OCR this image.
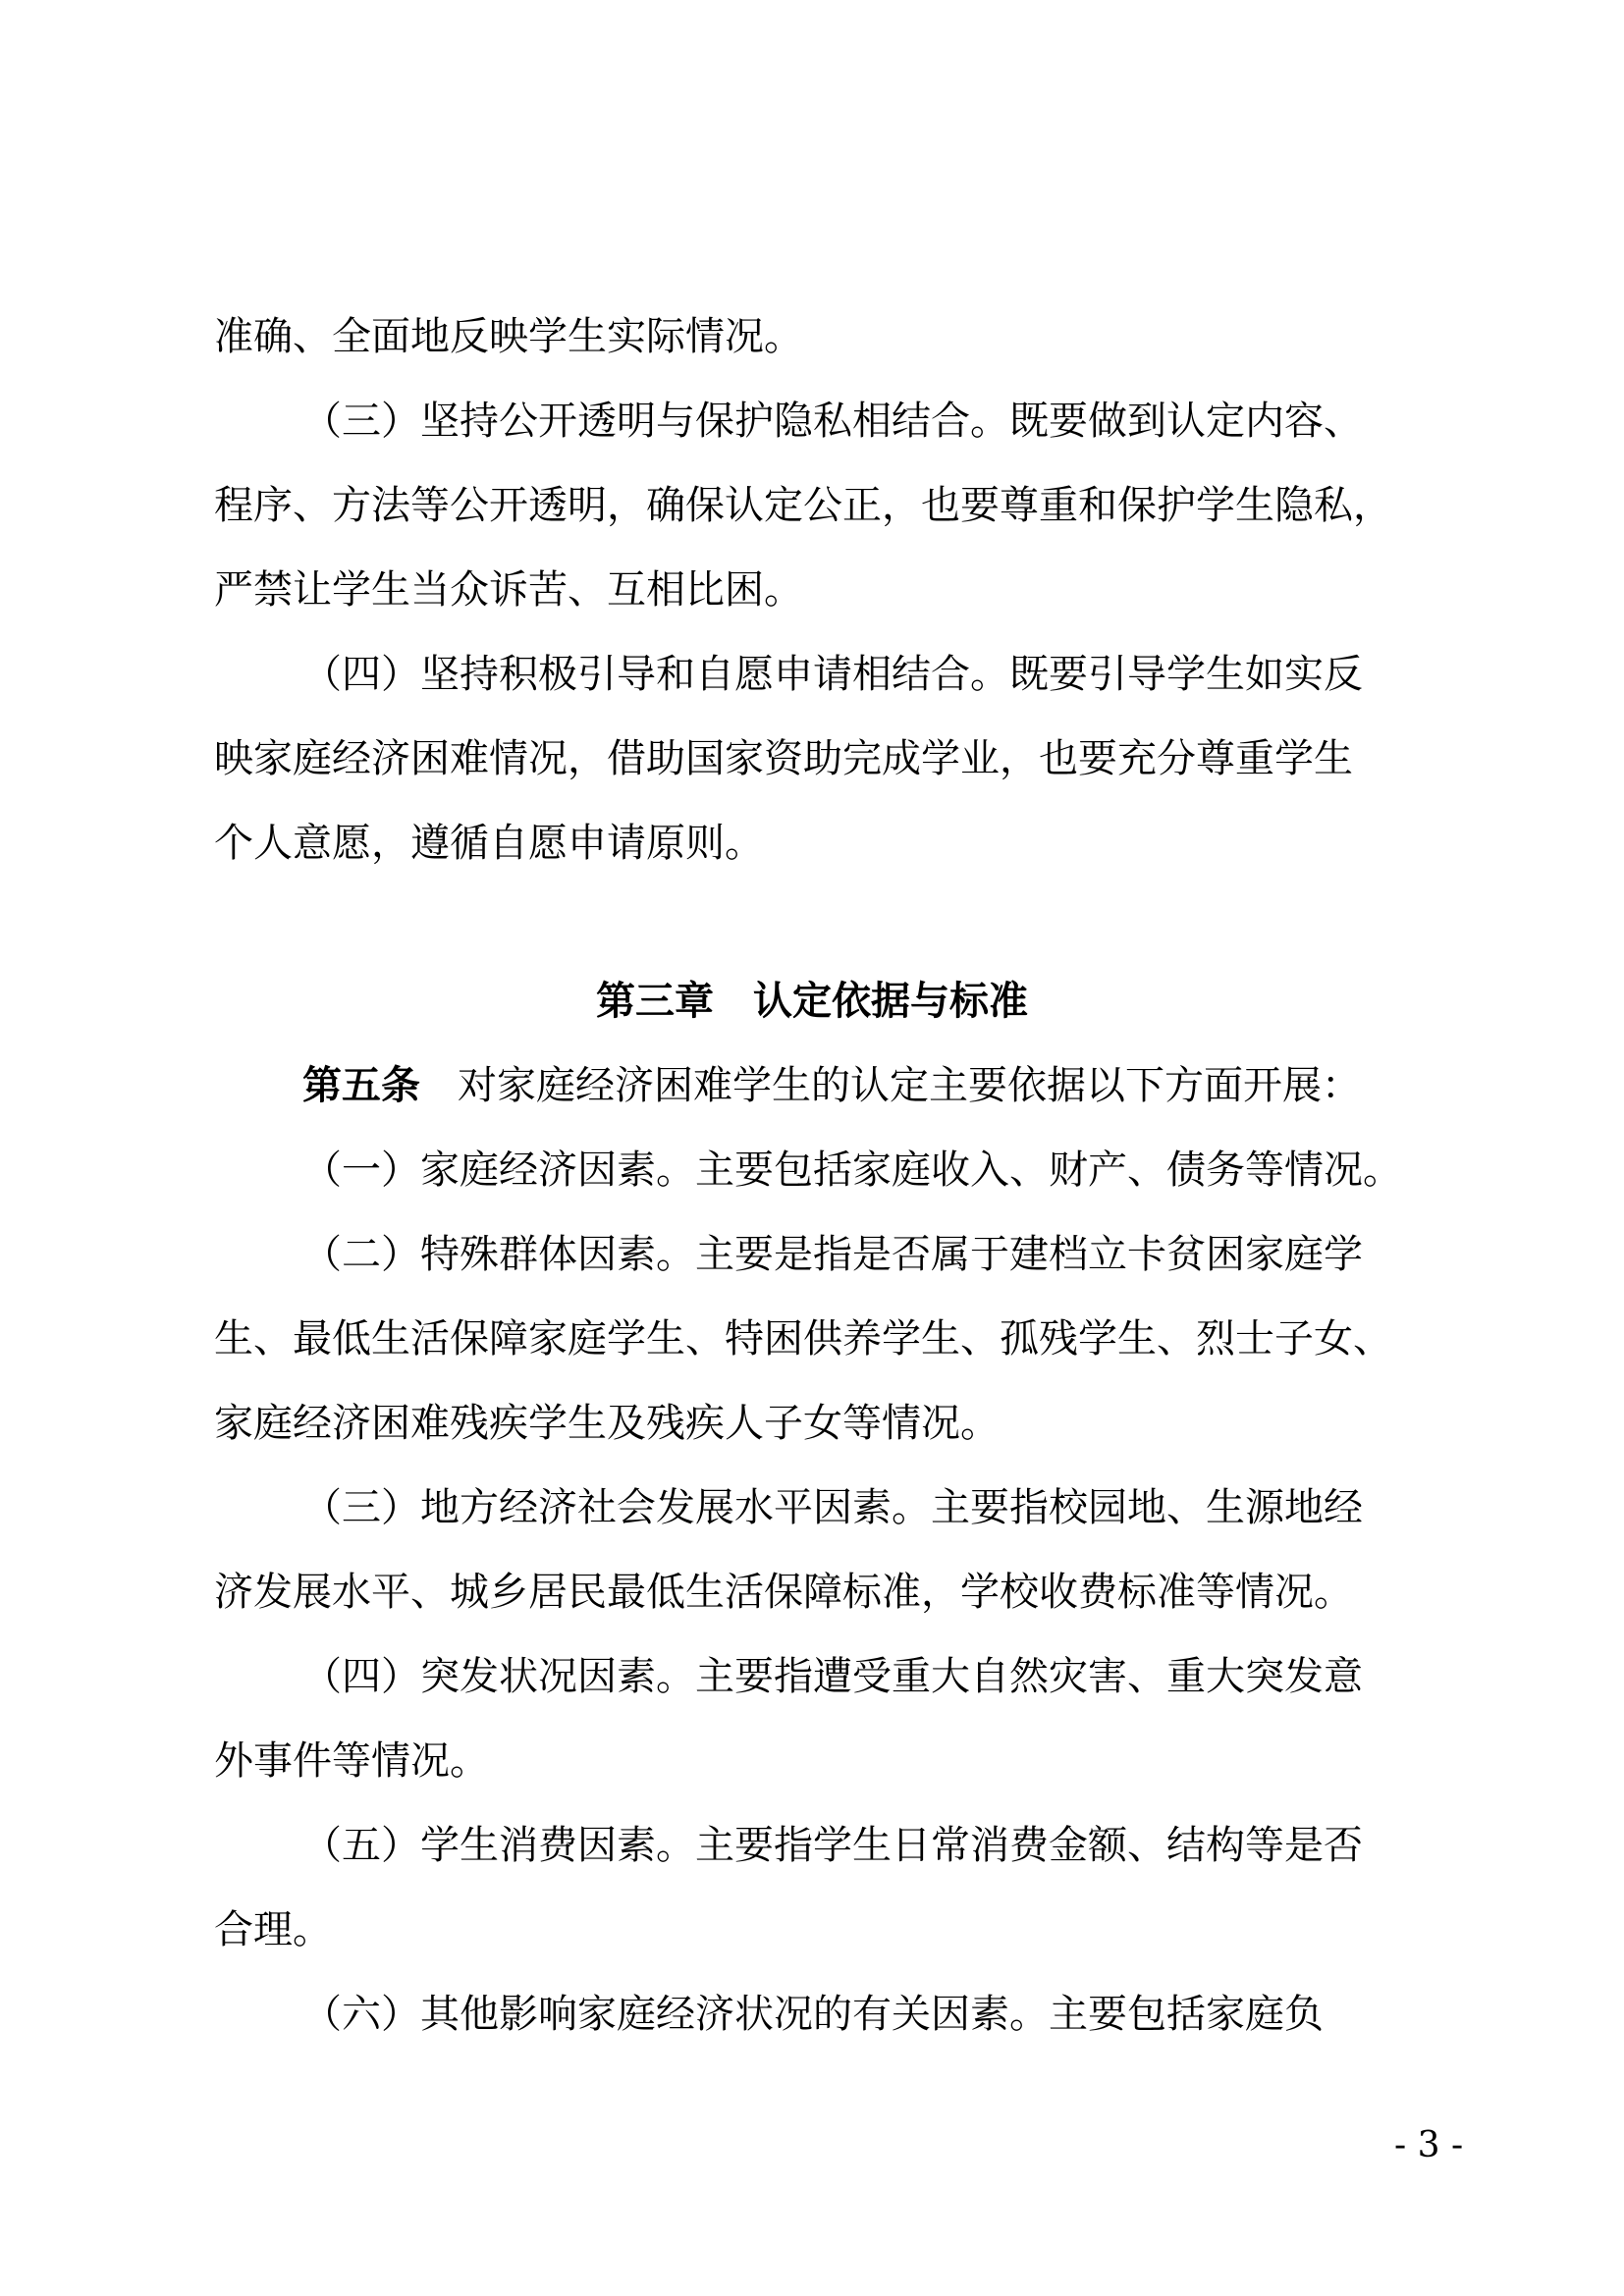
准确、全面地反映学生实际情况。
（三）坚持公开透明与保护隐私相结合。既要做到认定内容、
程序、方法等公开透明，确保认定公正，也要尊重和保护学生隐私，
严禁让学生当众诉苦、互相比困。
（四）坚持积极引导和自愿申请相结合。既要引导学生如实反
映家庭经济困难情况，借助国家资助完成学业，也要充分尊重学生
个人意愿，遵循自愿申请原则。
第三章　认定依据与标准
第五条 对家庭经济困难学生的认定主要依据以下方面开展：
（一）家庭经济因素。主要包括家庭收入、财产、债务等情况。
（二）特殊群体因素。主要是指是否属于建档立卡贫困家庭学
生、最低生活保障家庭学生、特困供养学生、孤残学生、烈士子女、
家庭经济困难残疾学生及残疾人子女等情况。
（三）地方经济社会发展水平因素。主要指校园地、生源地经
济发展水平、城乡居民最低生活保障标准，学校收费标准等情况。
（四）突发状况因素。主要指遭受重大自然灾害、重大突发意
外事件等情况。
（五）学生消费因素。主要指学生日常消费金额、结构等是否
合理。
（六）其他影响家庭经济状况的有关因素。主要包括家庭负
- 3 -
